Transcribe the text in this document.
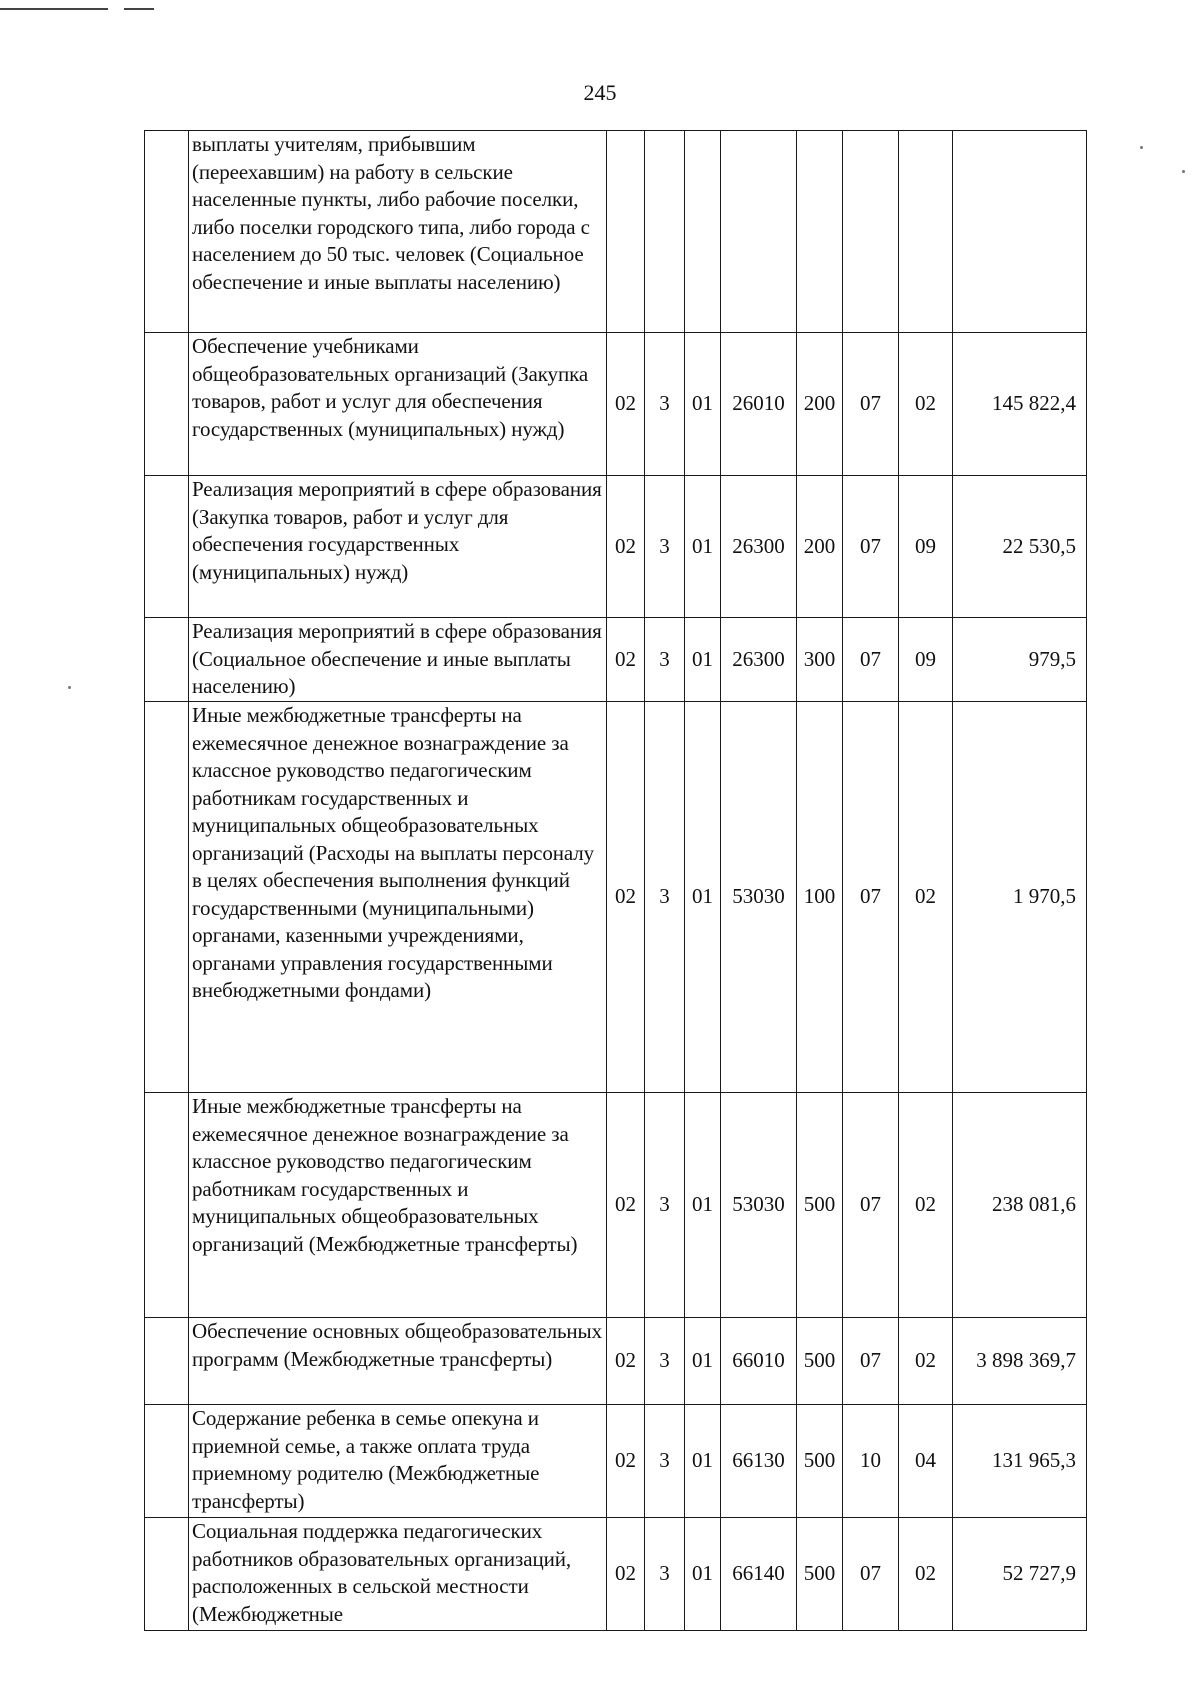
245
	выплаты учителям, прибывшим (переехавшим) на работу в сельские населенные пункты, либо рабочие поселки, либо поселки городского типа, либо города с населением до 50 тыс. человек (Социальное обеспечение и иные выплаты населению)								
	Обеспечение учебниками общеобразовательных организаций (Закупка товаров, работ и услуг для обеспечения государственных (муниципальных) нужд)	02	3	01	26010	200	07	02	145 822,4
	Реализация мероприятий в сфере образования (Закупка товаров, работ и услуг для обеспечения государственных (муниципальных) нужд)	02	3	01	26300	200	07	09	22 530,5
	Реализация мероприятий в сфере образования (Социальное обеспечение и иные выплаты населению)	02	3	01	26300	300	07	09	979,5
	Иные межбюджетные трансферты на ежемесячное денежное вознаграждение за классное руководство педагогическим работникам государственных и муниципальных общеобразовательных организаций (Расходы на выплаты персоналу в целях обеспечения выполнения функций государственными (муниципальными) органами, казенными учреждениями, органами управления государственными внебюджетными фондами)	02	3	01	53030	100	07	02	1 970,5
	Иные межбюджетные трансферты на ежемесячное денежное вознаграждение за классное руководство педагогическим работникам государственных и муниципальных общеобразовательных организаций (Межбюджетные трансферты)	02	3	01	53030	500	07	02	238 081,6
	Обеспечение основных общеобразовательных программ (Межбюджетные трансферты)	02	3	01	66010	500	07	02	3 898 369,7
	Содержание ребенка в семье опекуна и приемной семье, а также оплата труда приемному родителю (Межбюджетные трансферты)	02	3	01	66130	500	10	04	131 965,3
	Социальная поддержка педагогических работников образовательных организаций, расположенных в сельской местности (Межбюджетные	02	3	01	66140	500	07	02	52 727,9
